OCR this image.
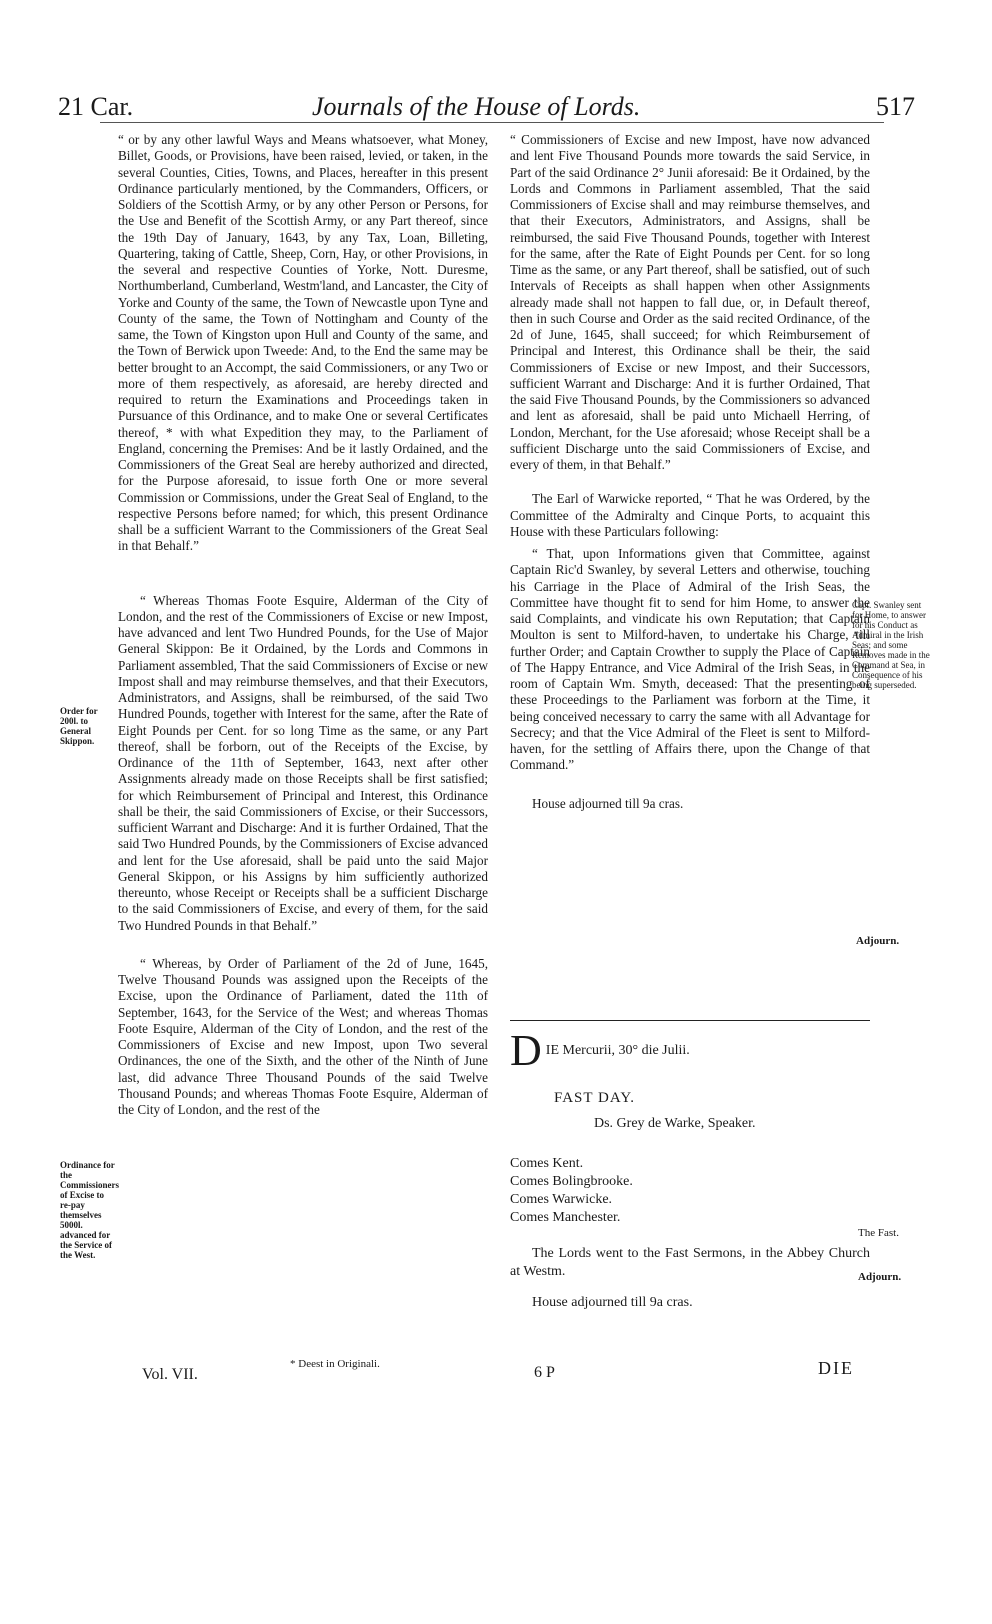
21 Car.	Journals of the House of Lords.	517

“ or by any other lawful Ways and Means whatsoever, what Money, Billet, Goods, or Provisions, have been raised, levied, or taken, in the several Counties, Cities, Towns, and Places, hereafter in this present Ordinance particularly mentioned, by the Commanders, Officers, or Soldiers of the Scottish Army, or by any other Person or Persons, for the Use and Benefit of the Scottish Army, or any Part thereof, since the 19th Day of January, 1643, by any Tax, Loan, Billeting, Quartering, taking of Cattle, Sheep, Corn, Hay, or other Provisions, in the several and respective Counties of Yorke, Nott. Duresme, Northumberland, Cumberland, Westm'land, and Lancaster, the City of Yorke and County of the same, the Town of Newcastle upon Tyne and County of the same, the Town of Nottingham and County of the same, the Town of Kingston upon Hull and County of the same, and the Town of Berwick upon Tweede: And, to the End the same may be better brought to an Accompt, the said Commissioners, or any Two or more of them respectively, as aforesaid, are hereby directed and required to return the Examinations and Proceedings taken in Pursuance of this Ordinance, and to make One or several Certificates thereof, * with what Expedition they may, to the Parliament of England, concerning the Premises: And be it lastly Ordained, and the Commissioners of the Great Seal are hereby authorized and directed, for the Purpose aforesaid, to issue forth One or more several Commission or Commissions, under the Great Seal of England, to the respective Persons before named; for which, this present Ordinance shall be a sufficient Warrant to the Commissioners of the Great Seal in that Behalf.”

“ Whereas Thomas Foote Esquire, Alderman of the City of London, and the rest of the Commissioners of Excise or new Impost, have advanced and lent Two Hundred Pounds, for the Use of Major General Skippon: Be it Ordained, by the Lords and Commons in Parliament assembled, That the said Commissioners of Excise or new Impost shall and may reimburse themselves, and that their Executors, Administrators, and Assigns, shall be reimbursed, of the said Two Hundred Pounds, together with Interest for the same, after the Rate of Eight Pounds per Cent. for so long Time as the same, or any Part thereof, shall be forborn, out of the Receipts of the Excise, by Ordinance of the 11th of September, 1643, next after other Assignments already made on those Receipts shall be first satisfied; for which Reimbursement of Principal and Interest, this Ordinance shall be their, the said Commissioners of Excise, or their Successors, sufficient Warrant and Discharge: And it is further Ordained, That the said Two Hundred Pounds, by the Commissioners of Excise advanced and lent for the Use aforesaid, shall be paid unto the said Major General Skippon, or his Assigns by him sufficiently authorized thereunto, whose Receipt or Receipts shall be a sufficient Discharge to the said Commissioners of Excise, and every of them, for the said Two Hundred Pounds in that Behalf.”

“ Whereas, by Order of Parliament of the 2d of June, 1645, Twelve Thousand Pounds was assigned upon the Receipts of the Excise, upon the Ordinance of Parliament, dated the 11th of September, 1643, for the Service of the West; and whereas Thomas Foote Esquire, Alderman of the City of London, and the rest of the Commissioners of Excise and new Impost, upon Two several Ordinances, the one of the Sixth, and the other of the Ninth of June last, did advance Three Thousand Pounds of the said Twelve Thousand Pounds; and whereas Thomas Foote Esquire, Alderman of the City of London, and the rest of the

Order for 200l. to General Skippon.
Ordinance for the Commissioners of Excise to re-pay themselves 5000l. advanced for the Service of the West.

“ Commissioners of Excise and new Impost, have now advanced and lent Five Thousand Pounds more towards the said Service, in Part of the said Ordinance 2° Junii aforesaid: Be it Ordained, by the Lords and Commons in Parliament assembled, That the said Commissioners of Excise shall and may reimburse themselves, and that their Executors, Administrators, and Assigns, shall be reimbursed, the said Five Thousand Pounds, together with Interest for the same, after the Rate of Eight Pounds per Cent. for so long Time as the same, or any Part thereof, shall be satisfied, out of such Intervals of Receipts as shall happen when other Assignments already made shall not happen to fall due, or, in Default thereof, then in such Course and Order as the said recited Ordinance, of the 2d of June, 1645, shall succeed; for which Reimbursement of Principal and Interest, this Ordinance shall be their, the said Commissioners of Excise or new Impost, and their Successors, sufficient Warrant and Discharge: And it is further Ordained, That the said Five Thousand Pounds, by the Commissioners so advanced and lent as aforesaid, shall be paid unto Michaell Herring, of London, Merchant, for the Use aforesaid; whose Receipt shall be a sufficient Discharge unto the said Commissioners of Excise, and every of them, in that Behalf.”

The Earl of Warwicke reported, “ That he was Ordered, by the Committee of the Admiralty and Cinque Ports, to acquaint this House with these Particulars following:

“ That, upon Informations given that Committee, against Captain Ric'd Swanley, by several Letters and otherwise, touching his Carriage in the Place of Admiral of the Irish Seas, the Committee have thought fit to send for him Home, to answer the said Complaints, and vindicate his own Reputation; that Captain Moulton is sent to Milford-haven, to undertake his Charge, till further Order; and Captain Crowther to supply the Place of Captain of The Happy Entrance, and Vice Admiral of the Irish Seas, in the room of Captain Wm. Smyth, deceased: That the presenting of these Proceedings to the Parliament was forborn at the Time, it being conceived necessary to carry the same with all Advantage for Secrecy; and that the Vice Admiral of the Fleet is sent to Milford-haven, for the settling of Affairs there, upon the Change of that Command.”

House adjourned till 9a cras.

D IE Mercurii, 30° die Julii.
FAST DAY.
Ds. Grey de Warke, Speaker.
Comes Kent.
Comes Bolingbrooke.
Comes Warwicke.
Comes Manchester.

The Lords went to the Fast Sermons, in the Abbey Church at Westm.

House adjourned till 9a cras.

Capt. Swanley sent for Home, to answer for his Conduct as Admiral in the Irish Seas; and some Removes made in the Command at Sea, in Consequence of his being superseded.
Adjourn.
The Fast.
Adjourn.
* Deest in Originali.
Vol. VII.	6 P	DIE
